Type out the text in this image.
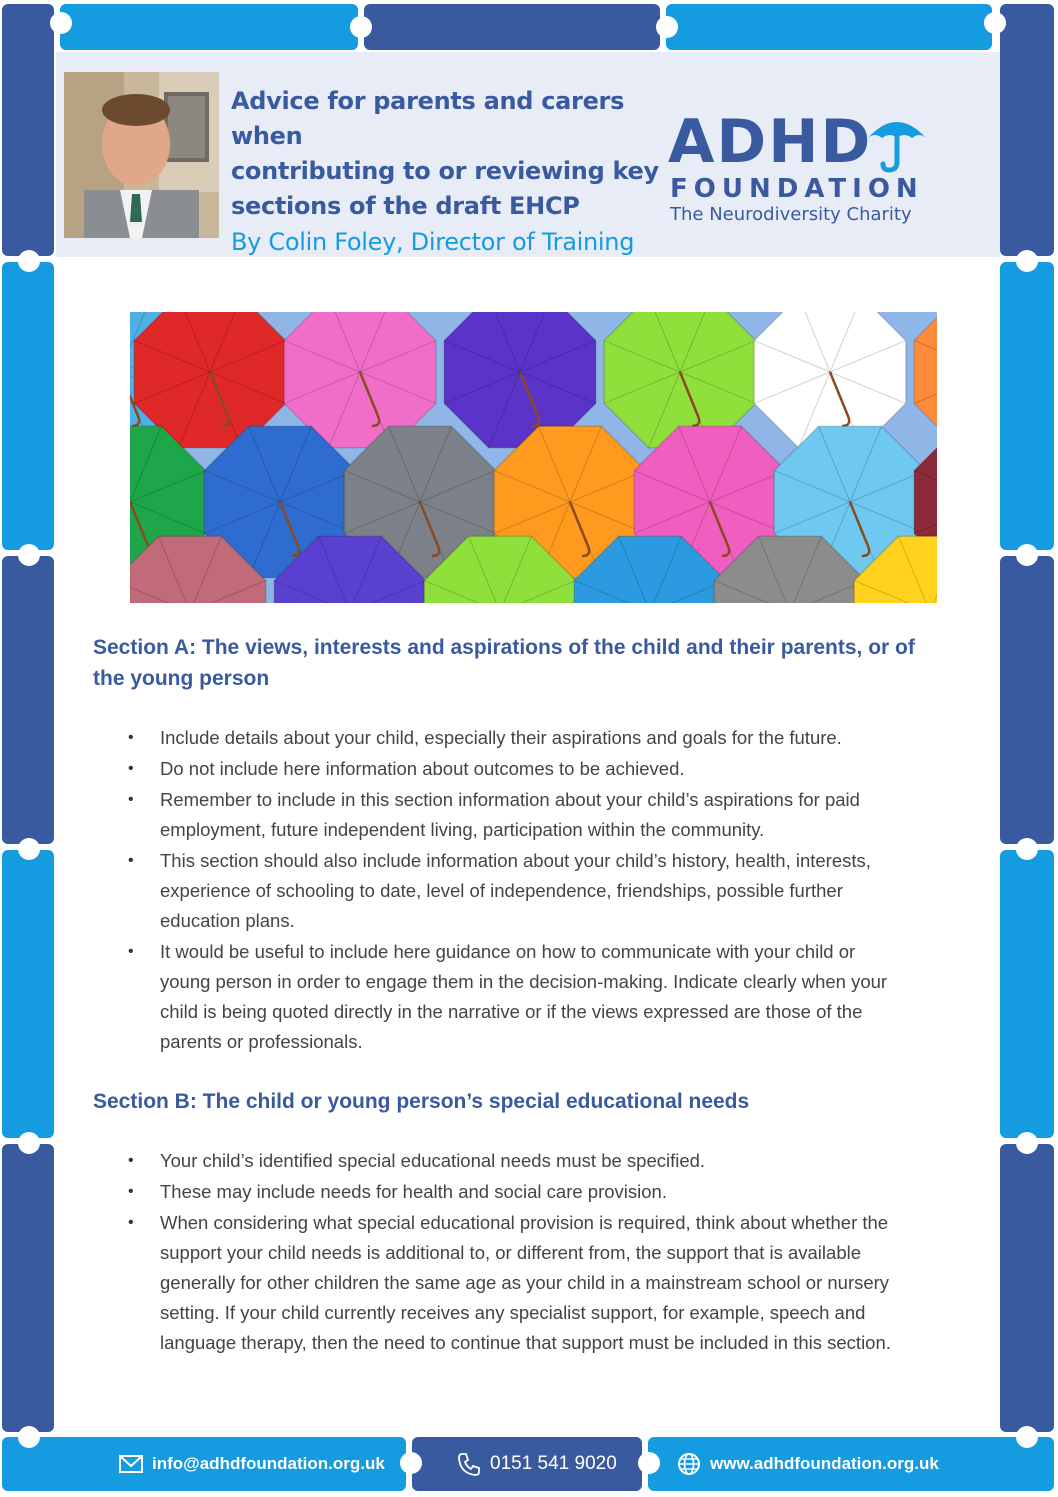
Advice for parents and carers when
contributing to or reviewing key
sections of the draft EHCP
By Colin Foley, Director of Training
ADHD
FOUNDATION
The Neurodiversity Charity
Section A: The views, interests and aspirations of the child and their parents, or of
the young person
• Include details about your child, especially their aspirations and goals for the future.
• Do not include here information about outcomes to be achieved.
• Remember to include in this section information about your child’s aspirations for paid
employment, future independent living, participation within the community.
• This section should also include information about your child’s history, health, interests,
experience of schooling to date, level of independence, friendships, possible further
education plans.
• It would be useful to include here guidance on how to communicate with your child or
young person in order to engage them in the decision-making. Indicate clearly when your
child is being quoted directly in the narrative or if the views expressed are those of the
parents or professionals.
Section B: The child or young person’s special educational needs
• Your child’s identified special educational needs must be specified.
• These may include needs for health and social care provision.
• When considering what special educational provision is required, think about whether the
support your child needs is additional to, or different from, the support that is available
generally for other children the same age as your child in a mainstream school or nursery
setting. If your child currently receives any specialist support, for example, speech and
language therapy, then the need to continue that support must be included in this section.
info@adhdfoundation.org.uk	0151 541 9020	www.adhdfoundation.org.uk
